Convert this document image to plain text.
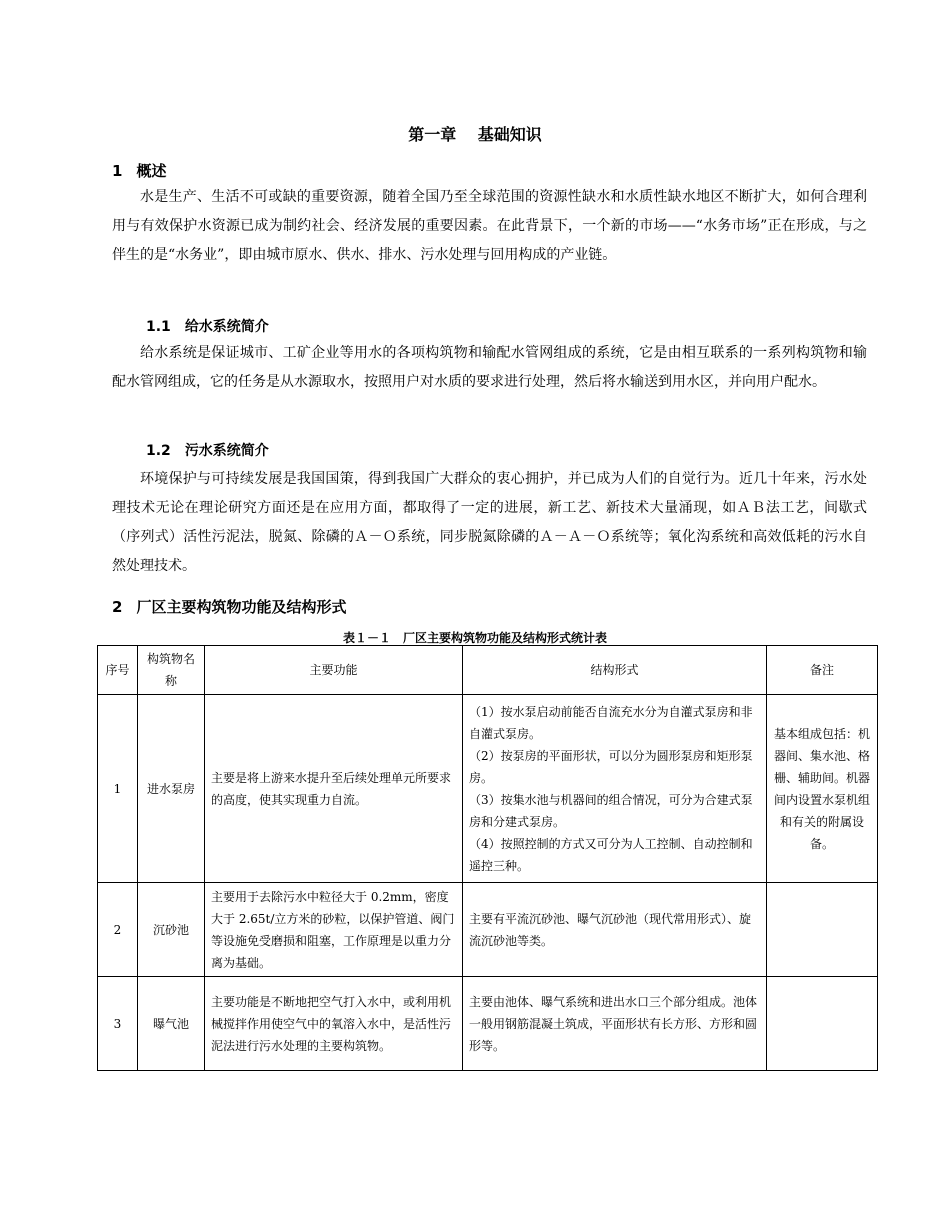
第一章　 基础知识
1 概述

水是生产、生活不可或缺的重要资源，随着全国乃至全球范围的资源性缺水和水质性缺水地区不断扩大，如何合理利用与有效保护水资源已成为制约社会、经济发展的重要因素。在此背景下，一个新的市场——“水务市场”正在形成，与之伴生的是“水务业”，即由城市原水、供水、排水、污水处理与回用构成的产业链。

1.1 给水系统简介

给水系统是保证城市、工矿企业等用水的各项构筑物和输配水管网组成的系统，它是由相互联系的一系列构筑物和输配水管网组成，它的任务是从水源取水，按照用户对水质的要求进行处理，然后将水输送到用水区，并向用户配水。

1.2 污水系统简介

环境保护与可持续发展是我国国策，得到我国广大群众的衷心拥护，并已成为人们的自觉行为。近几十年来，污水处理技术无论在理论研究方面还是在应用方面，都取得了一定的进展，新工艺、新技术大量涌现，如ＡＢ法工艺，间歇式（序列式）活性污泥法，脱氮、除磷的Ａ－Ｏ系统，同步脱氮除磷的Ａ－Ａ－Ｏ系统等；氧化沟系统和高效低耗的污水自然处理技术。

2 厂区主要构筑物功能及结构形式
表１－１　厂区主要构筑物功能及结构形式统计表
序号	构筑物名称	主要功能	结构形式	备注
1	进水泵房	主要是将上游来水提升至后续处理单元所要求的高度，使其实现重力自流。	（1）按水泵启动前能否自流充水分为自灌式泵房和非自灌式泵房。
（2）按泵房的平面形状，可以分为圆形泵房和矩形泵房。
（3）按集水池与机器间的组合情况，可分为合建式泵房和分建式泵房。
（4）按照控制的方式又可分为人工控制、自动控制和遥控三种。	基本组成包括：机器间、集水池、格栅、辅助间。机器间内设置水泵机组和有关的附属设备。
2	沉砂池	主要用于去除污水中粒径大于 0.2mm，密度大于 2.65t/立方米的砂粒，以保护管道、阀门等设施免受磨损和阻塞，工作原理是以重力分离为基础。	主要有平流沉砂池、曝气沉砂池（现代常用形式）、旋流沉砂池等类。	

3	曝气池	主要功能是不断地把空气打入水中，或利用机械搅拌作用使空气中的氧溶入水中，是活性污泥法进行污水处理的主要构筑物。	主要由池体、曝气系统和进出水口三个部分组成。池体一般用钢筋混凝土筑成，平面形状有长方形、方形和圆形等。	
